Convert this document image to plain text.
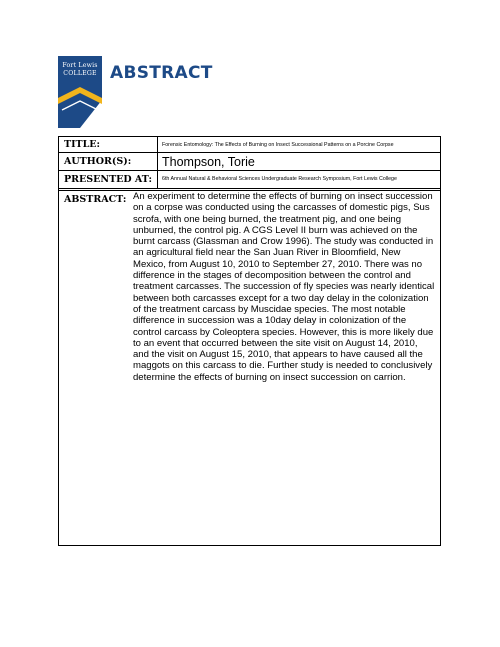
Fort Lewis
COLLEGE ABSTRACT
TITLE:	Forensic Entomology: The Effects of Burning on Insect Successional Patterns on a Porcine Corpse
AUTHOR(S):	Thompson, Torie
PRESENTED AT:	6th Annual Natural & Behavioral Sciences Undergraduate Research Symposium, Fort Lewis College
ABSTRACT: An experiment to determine the effects of burning on insect succession on a corpse was conducted using the carcasses of domestic pigs, Sus scrofa, with one being burned, the treatment pig, and one being unburned, the control pig. A CGS Level II burn was achieved on the burnt carcass (Glassman and Crow 1996). The study was conducted in an agricultural field near the San Juan River in Bloomfield, New Mexico, from August 10, 2010 to September 27, 2010. There was no difference in the stages of decomposition between the control and treatment carcasses. The succession of fly species was nearly identical between both carcasses except for a two day delay in the colonization of the treatment carcass by Muscidae species. The most notable difference in succession was a 10day delay in colonization of the control carcass by Coleoptera species. However, this is more likely due to an event that occurred between the site visit on August 14, 2010, and the visit on August 15, 2010, that appears to have caused all the maggots on this carcass to die. Further study is needed to conclusively determine the effects of burning on insect succession on carrion.
